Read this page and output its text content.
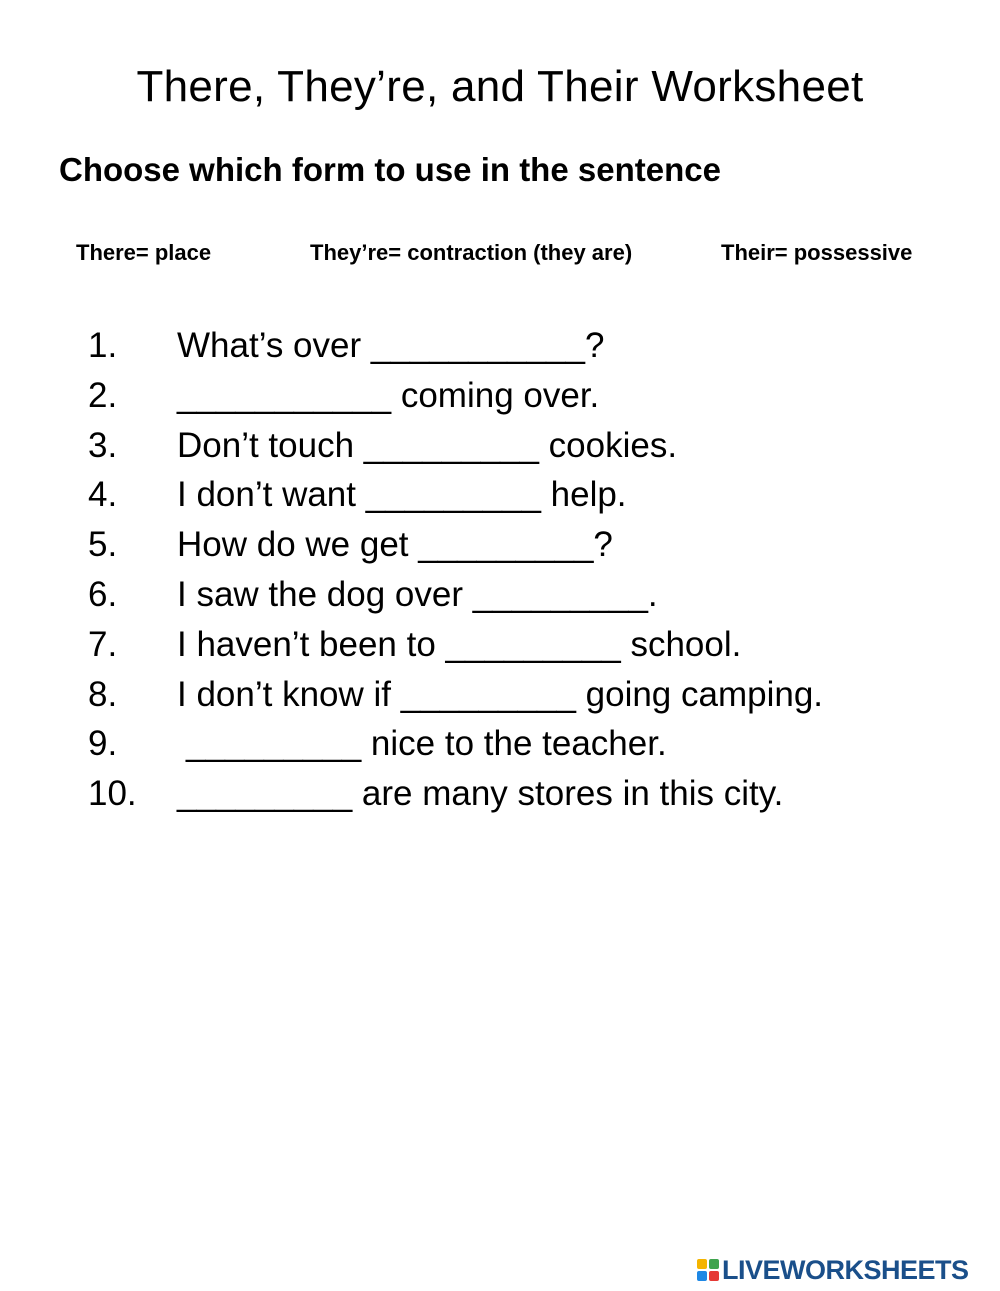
There, They’re, and Their Worksheet
Choose which form to use in the sentence
There= place	They’re= contraction (they are)	Their= possessive
1. What’s over ___________?
2. ___________ coming over.
3. Don’t touch _________ cookies.
4. I don’t want _________ help.
5. How do we get _________?
6. I saw the dog over _________.
7. I haven’t been to _________ school.
8. I don’t know if _________ going camping.
9. _________ nice to the teacher.
10. _________ are many stores in this city.
LIVEWORKSHEETS
